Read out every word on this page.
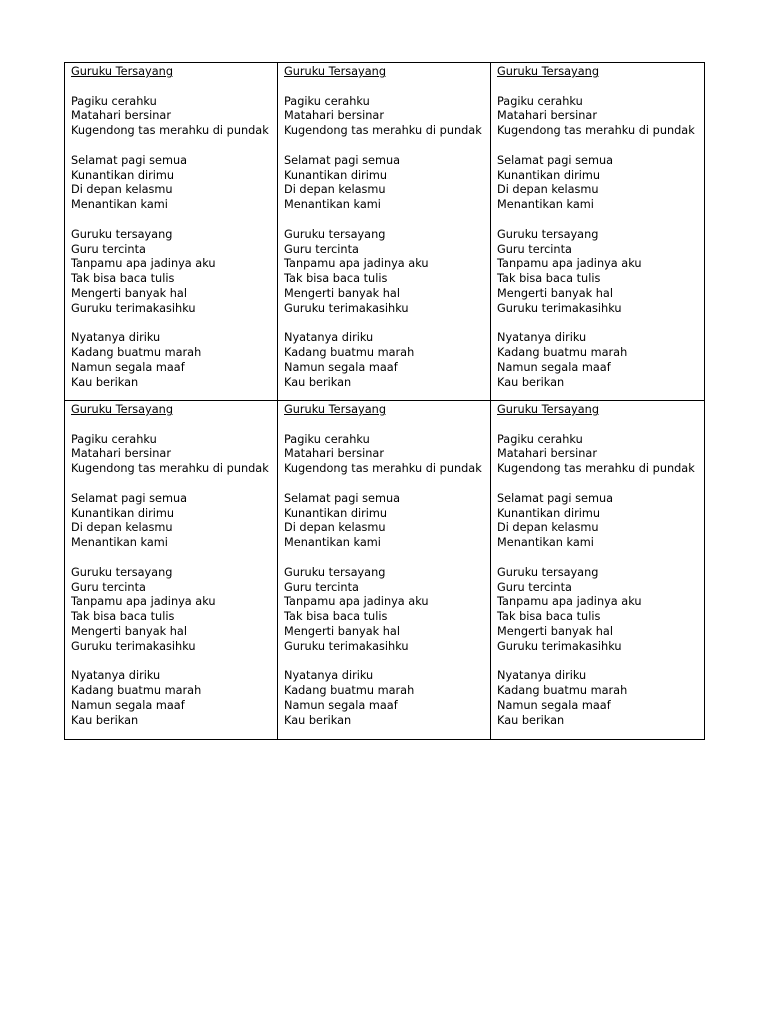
Guruku Tersayang

Pagiku cerahku

Matahari bersinar

Kugendong tas merahku di pundak

Selamat pagi semua

Kunantikan dirimu

Di depan kelasmu

Menantikan kami

Guruku tersayang

Guru tercinta

Tanpamu apa jadinya aku

Tak bisa baca tulis

Mengerti banyak hal

Guruku terimakasihku

Nyatanya diriku

Kadang buatmu marah

Namun segala maaf

Kau berikan

Guruku Tersayang

Pagiku cerahku

Matahari bersinar

Kugendong tas merahku di pundak

Selamat pagi semua

Kunantikan dirimu

Di depan kelasmu

Menantikan kami

Guruku tersayang

Guru tercinta

Tanpamu apa jadinya aku

Tak bisa baca tulis

Mengerti banyak hal

Guruku terimakasihku

Nyatanya diriku

Kadang buatmu marah

Namun segala maaf

Kau berikan

Guruku Tersayang

Pagiku cerahku

Matahari bersinar

Kugendong tas merahku di pundak

Selamat pagi semua

Kunantikan dirimu

Di depan kelasmu

Menantikan kami

Guruku tersayang

Guru tercinta

Tanpamu apa jadinya aku

Tak bisa baca tulis

Mengerti banyak hal

Guruku terimakasihku

Nyatanya diriku

Kadang buatmu marah

Namun segala maaf

Kau berikan

Guruku Tersayang

Pagiku cerahku

Matahari bersinar

Kugendong tas merahku di pundak

Selamat pagi semua

Kunantikan dirimu

Di depan kelasmu

Menantikan kami

Guruku tersayang

Guru tercinta

Tanpamu apa jadinya aku

Tak bisa baca tulis

Mengerti banyak hal

Guruku terimakasihku

Nyatanya diriku

Kadang buatmu marah

Namun segala maaf

Kau berikan

Guruku Tersayang

Pagiku cerahku

Matahari bersinar

Kugendong tas merahku di pundak

Selamat pagi semua

Kunantikan dirimu

Di depan kelasmu

Menantikan kami

Guruku tersayang

Guru tercinta

Tanpamu apa jadinya aku

Tak bisa baca tulis

Mengerti banyak hal

Guruku terimakasihku

Nyatanya diriku

Kadang buatmu marah

Namun segala maaf

Kau berikan

Guruku Tersayang

Pagiku cerahku

Matahari bersinar

Kugendong tas merahku di pundak

Selamat pagi semua

Kunantikan dirimu

Di depan kelasmu

Menantikan kami

Guruku tersayang

Guru tercinta

Tanpamu apa jadinya aku

Tak bisa baca tulis

Mengerti banyak hal

Guruku terimakasihku

Nyatanya diriku

Kadang buatmu marah

Namun segala maaf

Kau berikan
